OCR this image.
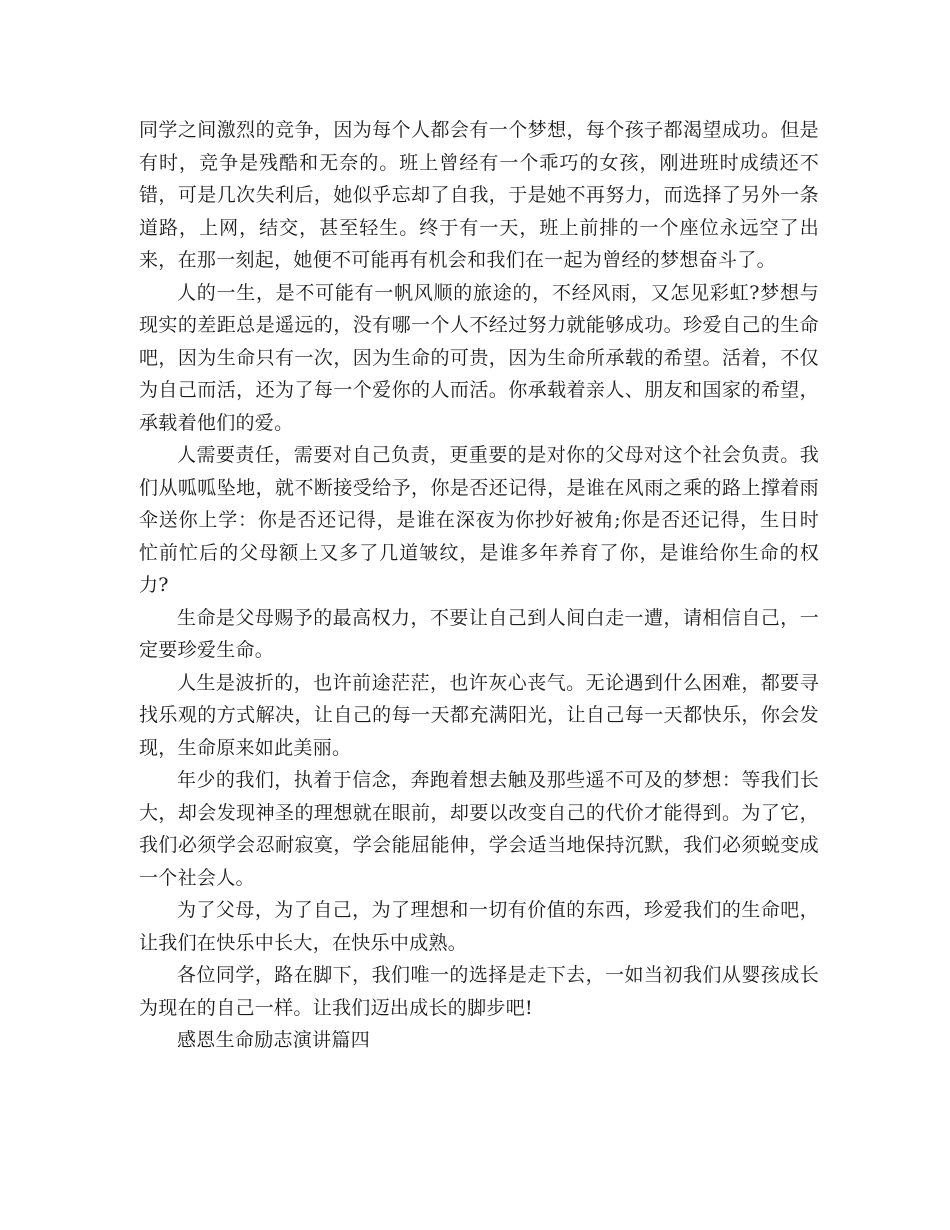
同学之间激烈的竞争，因为每个人都会有一个梦想，每个孩子都渴望成功。但是有时，竞争是残酷和无奈的。班上曾经有一个乖巧的女孩，刚进班时成绩还不错，可是几次失利后，她似乎忘却了自我，于是她不再努力，而选择了另外一条道路，上网，结交，甚至轻生。终于有一天，班上前排的一个座位永远空了出来，在那一刻起，她便不可能再有机会和我们在一起为曾经的梦想奋斗了。

人的一生，是不可能有一帆风顺的旅途的，不经风雨，又怎见彩虹?梦想与现实的差距总是遥远的，没有哪一个人不经过努力就能够成功。珍爱自己的生命吧，因为生命只有一次，因为生命的可贵，因为生命所承载的希望。活着，不仅为自己而活，还为了每一个爱你的人而活。你承载着亲人、朋友和国家的希望，承载着他们的爱。

人需要责任，需要对自己负责，更重要的是对你的父母对这个社会负责。我们从呱呱坠地，就不断接受给予，你是否还记得，是谁在风雨之乘的路上撑着雨伞送你上学：你是否还记得，是谁在深夜为你抄好被角;你是否还记得，生日时忙前忙后的父母额上又多了几道皱纹，是谁多年养育了你，是谁给你生命的权力?

生命是父母赐予的最高权力，不要让自己到人间白走一遭，请相信自己，一定要珍爱生命。

人生是波折的，也许前途茫茫，也许灰心丧气。无论遇到什么困难，都要寻找乐观的方式解决，让自己的每一天都充满阳光，让自己每一天都快乐，你会发现，生命原来如此美丽。

年少的我们，执着于信念，奔跑着想去触及那些遥不可及的梦想：等我们长大，却会发现神圣的理想就在眼前，却要以改变自己的代价才能得到。为了它，我们必须学会忍耐寂寞，学会能屈能伸，学会适当地保持沉默，我们必须蜕变成一个社会人。

为了父母，为了自己，为了理想和一切有价值的东西，珍爱我们的生命吧，让我们在快乐中长大，在快乐中成熟。

各位同学，路在脚下，我们唯一的选择是走下去，一如当初我们从婴孩成长为现在的自己一样。让我们迈出成长的脚步吧!

感恩生命励志演讲篇四
